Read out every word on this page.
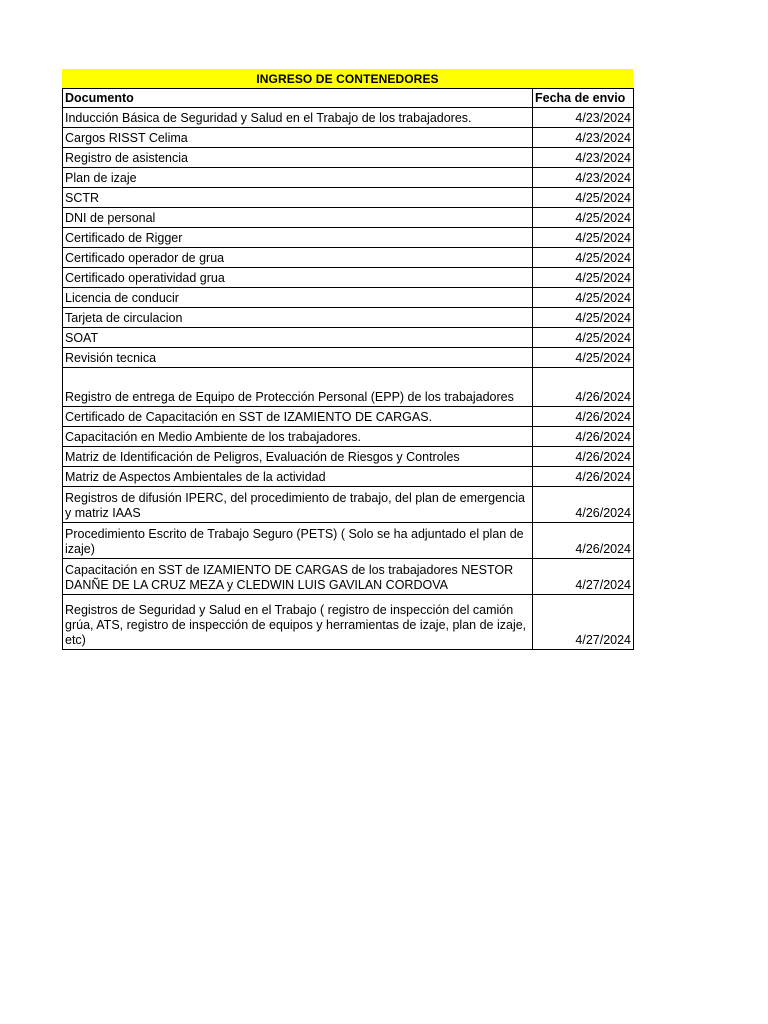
INGRESO DE CONTENEDORES
Documento	Fecha de envio
Inducción Básica de Seguridad y Salud en el Trabajo de los trabajadores.	4/23/2024
Cargos RISST Celima	4/23/2024
Registro de asistencia	4/23/2024
Plan de izaje	4/23/2024
SCTR	4/25/2024
DNI de personal	4/25/2024
Certificado de Rigger	4/25/2024
Certificado operador de grua	4/25/2024
Certificado operatividad grua	4/25/2024
Licencia de conducir	4/25/2024
Tarjeta de circulacion	4/25/2024
SOAT	4/25/2024
Revisión tecnica	4/25/2024
Registro de entrega de Equipo de Protección Personal (EPP) de los trabajadores	4/26/2024
Certificado de Capacitación en SST de IZAMIENTO DE CARGAS.	4/26/2024
Capacitación en Medio Ambiente de los trabajadores.	4/26/2024
Matriz de Identificación de Peligros, Evaluación de Riesgos y Controles	4/26/2024
Matriz de Aspectos Ambientales de la actividad	4/26/2024
Registros de difusión IPERC, del procedimiento de trabajo, del plan de emergencia y matriz IAAS	4/26/2024
Procedimiento Escrito de Trabajo Seguro (PETS) ( Solo se ha adjuntado el plan de izaje)	4/26/2024
Capacitación en SST de IZAMIENTO DE CARGAS de los trabajadores NESTOR DANÑE DE LA CRUZ MEZA y CLEDWIN LUIS GAVILAN CORDOVA	4/27/2024
Registros de Seguridad y Salud en el Trabajo ( registro de inspección del camión grúa, ATS, registro de inspección de equipos y herramientas de izaje, plan de izaje, etc)	4/27/2024
